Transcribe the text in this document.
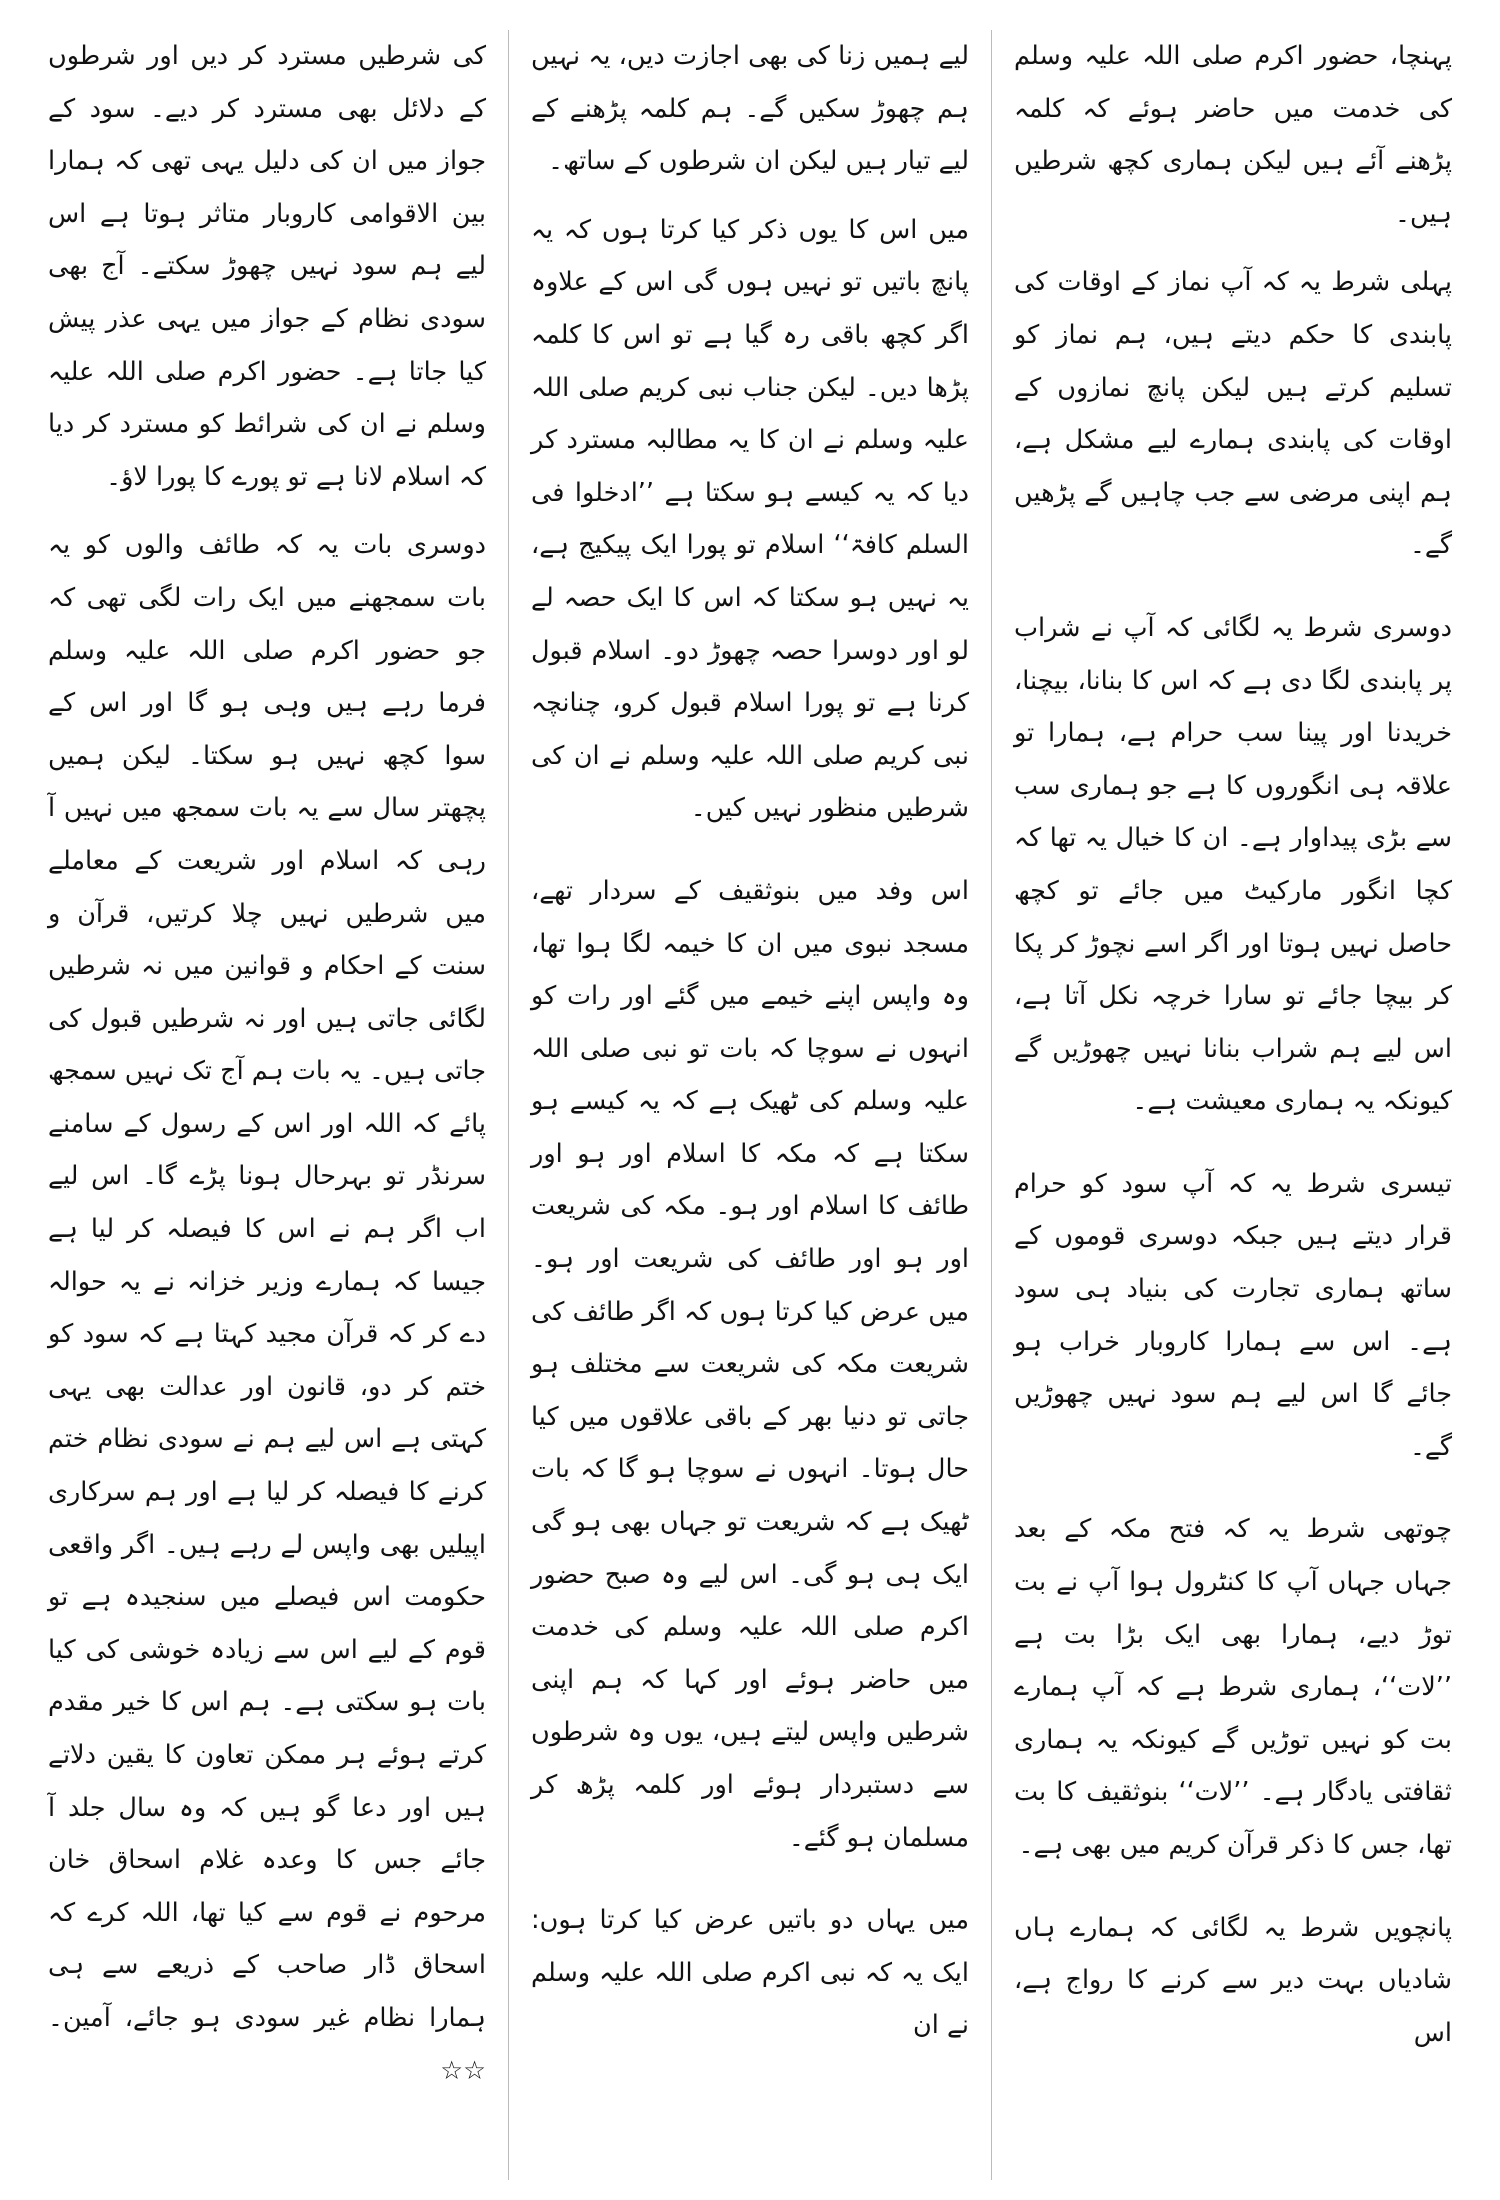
پہنچا، حضور اکرم صلی اللہ علیہ وسلم کی خدمت میں حاضر ہوئے کہ کلمہ پڑھنے آئے ہیں لیکن ہماری کچھ شرطیں ہیں۔

پہلی شرط یہ کہ آپ نماز کے اوقات کی پابندی کا حکم دیتے ہیں، ہم نماز کو تسلیم کرتے ہیں لیکن پانچ نمازوں کے اوقات کی پابندی ہمارے لیے مشکل ہے، ہم اپنی مرضی سے جب چاہیں گے پڑھیں گے۔

دوسری شرط یہ لگائی کہ آپ نے شراب پر پابندی لگا دی ہے کہ اس کا بنانا، بیچنا، خریدنا اور پینا سب حرام ہے، ہمارا تو علاقہ ہی انگوروں کا ہے جو ہماری سب سے بڑی پیداوار ہے۔ ان کا خیال یہ تھا کہ کچا انگور مارکیٹ میں جائے تو کچھ حاصل نہیں ہوتا اور اگر اسے نچوڑ کر پکا کر بیچا جائے تو سارا خرچہ نکل آتا ہے، اس لیے ہم شراب بنانا نہیں چھوڑیں گے کیونکہ یہ ہماری معیشت ہے۔

تیسری شرط یہ کہ آپ سود کو حرام قرار دیتے ہیں جبکہ دوسری قوموں کے ساتھ ہماری تجارت کی بنیاد ہی سود ہے۔ اس سے ہمارا کاروبار خراب ہو جائے گا اس لیے ہم سود نہیں چھوڑیں گے۔

چوتھی شرط یہ کہ فتح مکہ کے بعد جہاں جہاں آپ کا کنٹرول ہوا آپ نے بت توڑ دیے، ہمارا بھی ایک بڑا بت ہے ’’لات‘‘، ہماری شرط ہے کہ آپ ہمارے بت کو نہیں توڑیں گے کیونکہ یہ ہماری ثقافتی یادگار ہے۔ ’’لات‘‘ بنوثقیف کا بت تھا، جس کا ذکر قرآن کریم میں بھی ہے۔

پانچویں شرط یہ لگائی کہ ہمارے ہاں شادیاں بہت دیر سے کرنے کا رواج ہے، اس

لیے ہمیں زنا کی بھی اجازت دیں، یہ نہیں ہم چھوڑ سکیں گے۔ ہم کلمہ پڑھنے کے لیے تیار ہیں لیکن ان شرطوں کے ساتھ۔

میں اس کا یوں ذکر کیا کرتا ہوں کہ یہ پانچ باتیں تو نہیں ہوں گی اس کے علاوہ اگر کچھ باقی رہ گیا ہے تو اس کا کلمہ پڑھا دیں۔ لیکن جناب نبی کریم صلی اللہ علیہ وسلم نے ان کا یہ مطالبہ مسترد کر دیا کہ یہ کیسے ہو سکتا ہے ’’ادخلوا فی السلم کافۃ‘‘ اسلام تو پورا ایک پیکیج ہے، یہ نہیں ہو سکتا کہ اس کا ایک حصہ لے لو اور دوسرا حصہ چھوڑ دو۔ اسلام قبول کرنا ہے تو پورا اسلام قبول کرو، چنانچہ نبی کریم صلی اللہ علیہ وسلم نے ان کی شرطیں منظور نہیں کیں۔

اس وفد میں بنوثقیف کے سردار تھے، مسجد نبوی میں ان کا خیمہ لگا ہوا تھا، وہ واپس اپنے خیمے میں گئے اور رات کو انہوں نے سوچا کہ بات تو نبی صلی اللہ علیہ وسلم کی ٹھیک ہے کہ یہ کیسے ہو سکتا ہے کہ مکہ کا اسلام اور ہو اور طائف کا اسلام اور ہو۔ مکہ کی شریعت اور ہو اور طائف کی شریعت اور ہو۔ میں عرض کیا کرتا ہوں کہ اگر طائف کی شریعت مکہ کی شریعت سے مختلف ہو جاتی تو دنیا بھر کے باقی علاقوں میں کیا حال ہوتا۔ انہوں نے سوچا ہو گا کہ بات ٹھیک ہے کہ شریعت تو جہاں بھی ہو گی ایک ہی ہو گی۔ اس لیے وہ صبح حضور اکرم صلی اللہ علیہ وسلم کی خدمت میں حاضر ہوئے اور کہا کہ ہم اپنی شرطیں واپس لیتے ہیں، یوں وہ شرطوں سے دستبردار ہوئے اور کلمہ پڑھ کر مسلمان ہو گئے۔

میں یہاں دو باتیں عرض کیا کرتا ہوں: ایک یہ کہ نبی اکرم صلی اللہ علیہ وسلم نے ان

کی شرطیں مسترد کر دیں اور شرطوں کے دلائل بھی مسترد کر دیے۔ سود کے جواز میں ان کی دلیل یہی تھی کہ ہمارا بین الاقوامی کاروبار متاثر ہوتا ہے اس لیے ہم سود نہیں چھوڑ سکتے۔ آج بھی سودی نظام کے جواز میں یہی عذر پیش کیا جاتا ہے۔ حضور اکرم صلی اللہ علیہ وسلم نے ان کی شرائط کو مسترد کر دیا کہ اسلام لانا ہے تو پورے کا پورا لاؤ۔

دوسری بات یہ کہ طائف والوں کو یہ بات سمجھنے میں ایک رات لگی تھی کہ جو حضور اکرم صلی اللہ علیہ وسلم فرما رہے ہیں وہی ہو گا اور اس کے سوا کچھ نہیں ہو سکتا۔ لیکن ہمیں پچھتر سال سے یہ بات سمجھ میں نہیں آ رہی کہ اسلام اور شریعت کے معاملے میں شرطیں نہیں چلا کرتیں، قرآن و سنت کے احکام و قوانین میں نہ شرطیں لگائی جاتی ہیں اور نہ شرطیں قبول کی جاتی ہیں۔ یہ بات ہم آج تک نہیں سمجھ پائے کہ اللہ اور اس کے رسول کے سامنے سرنڈر تو بہرحال ہونا پڑے گا۔ اس لیے اب اگر ہم نے اس کا فیصلہ کر لیا ہے جیسا کہ ہمارے وزیر خزانہ نے یہ حوالہ دے کر کہ قرآن مجید کہتا ہے کہ سود کو ختم کر دو، قانون اور عدالت بھی یہی کہتی ہے اس لیے ہم نے سودی نظام ختم کرنے کا فیصلہ کر لیا ہے اور ہم سرکاری اپیلیں بھی واپس لے رہے ہیں۔ اگر واقعی حکومت اس فیصلے میں سنجیدہ ہے تو قوم کے لیے اس سے زیادہ خوشی کی کیا بات ہو سکتی ہے۔ ہم اس کا خیر مقدم کرتے ہوئے ہر ممکن تعاون کا یقین دلاتے ہیں اور دعا گو ہیں کہ وہ سال جلد آ جائے جس کا وعدہ غلام اسحاق خان مرحوم نے قوم سے کیا تھا، اللہ کرے کہ اسحاق ڈار صاحب کے ذریعے سے ہی ہمارا نظام غیر سودی ہو جائے، آمین۔ ☆☆
